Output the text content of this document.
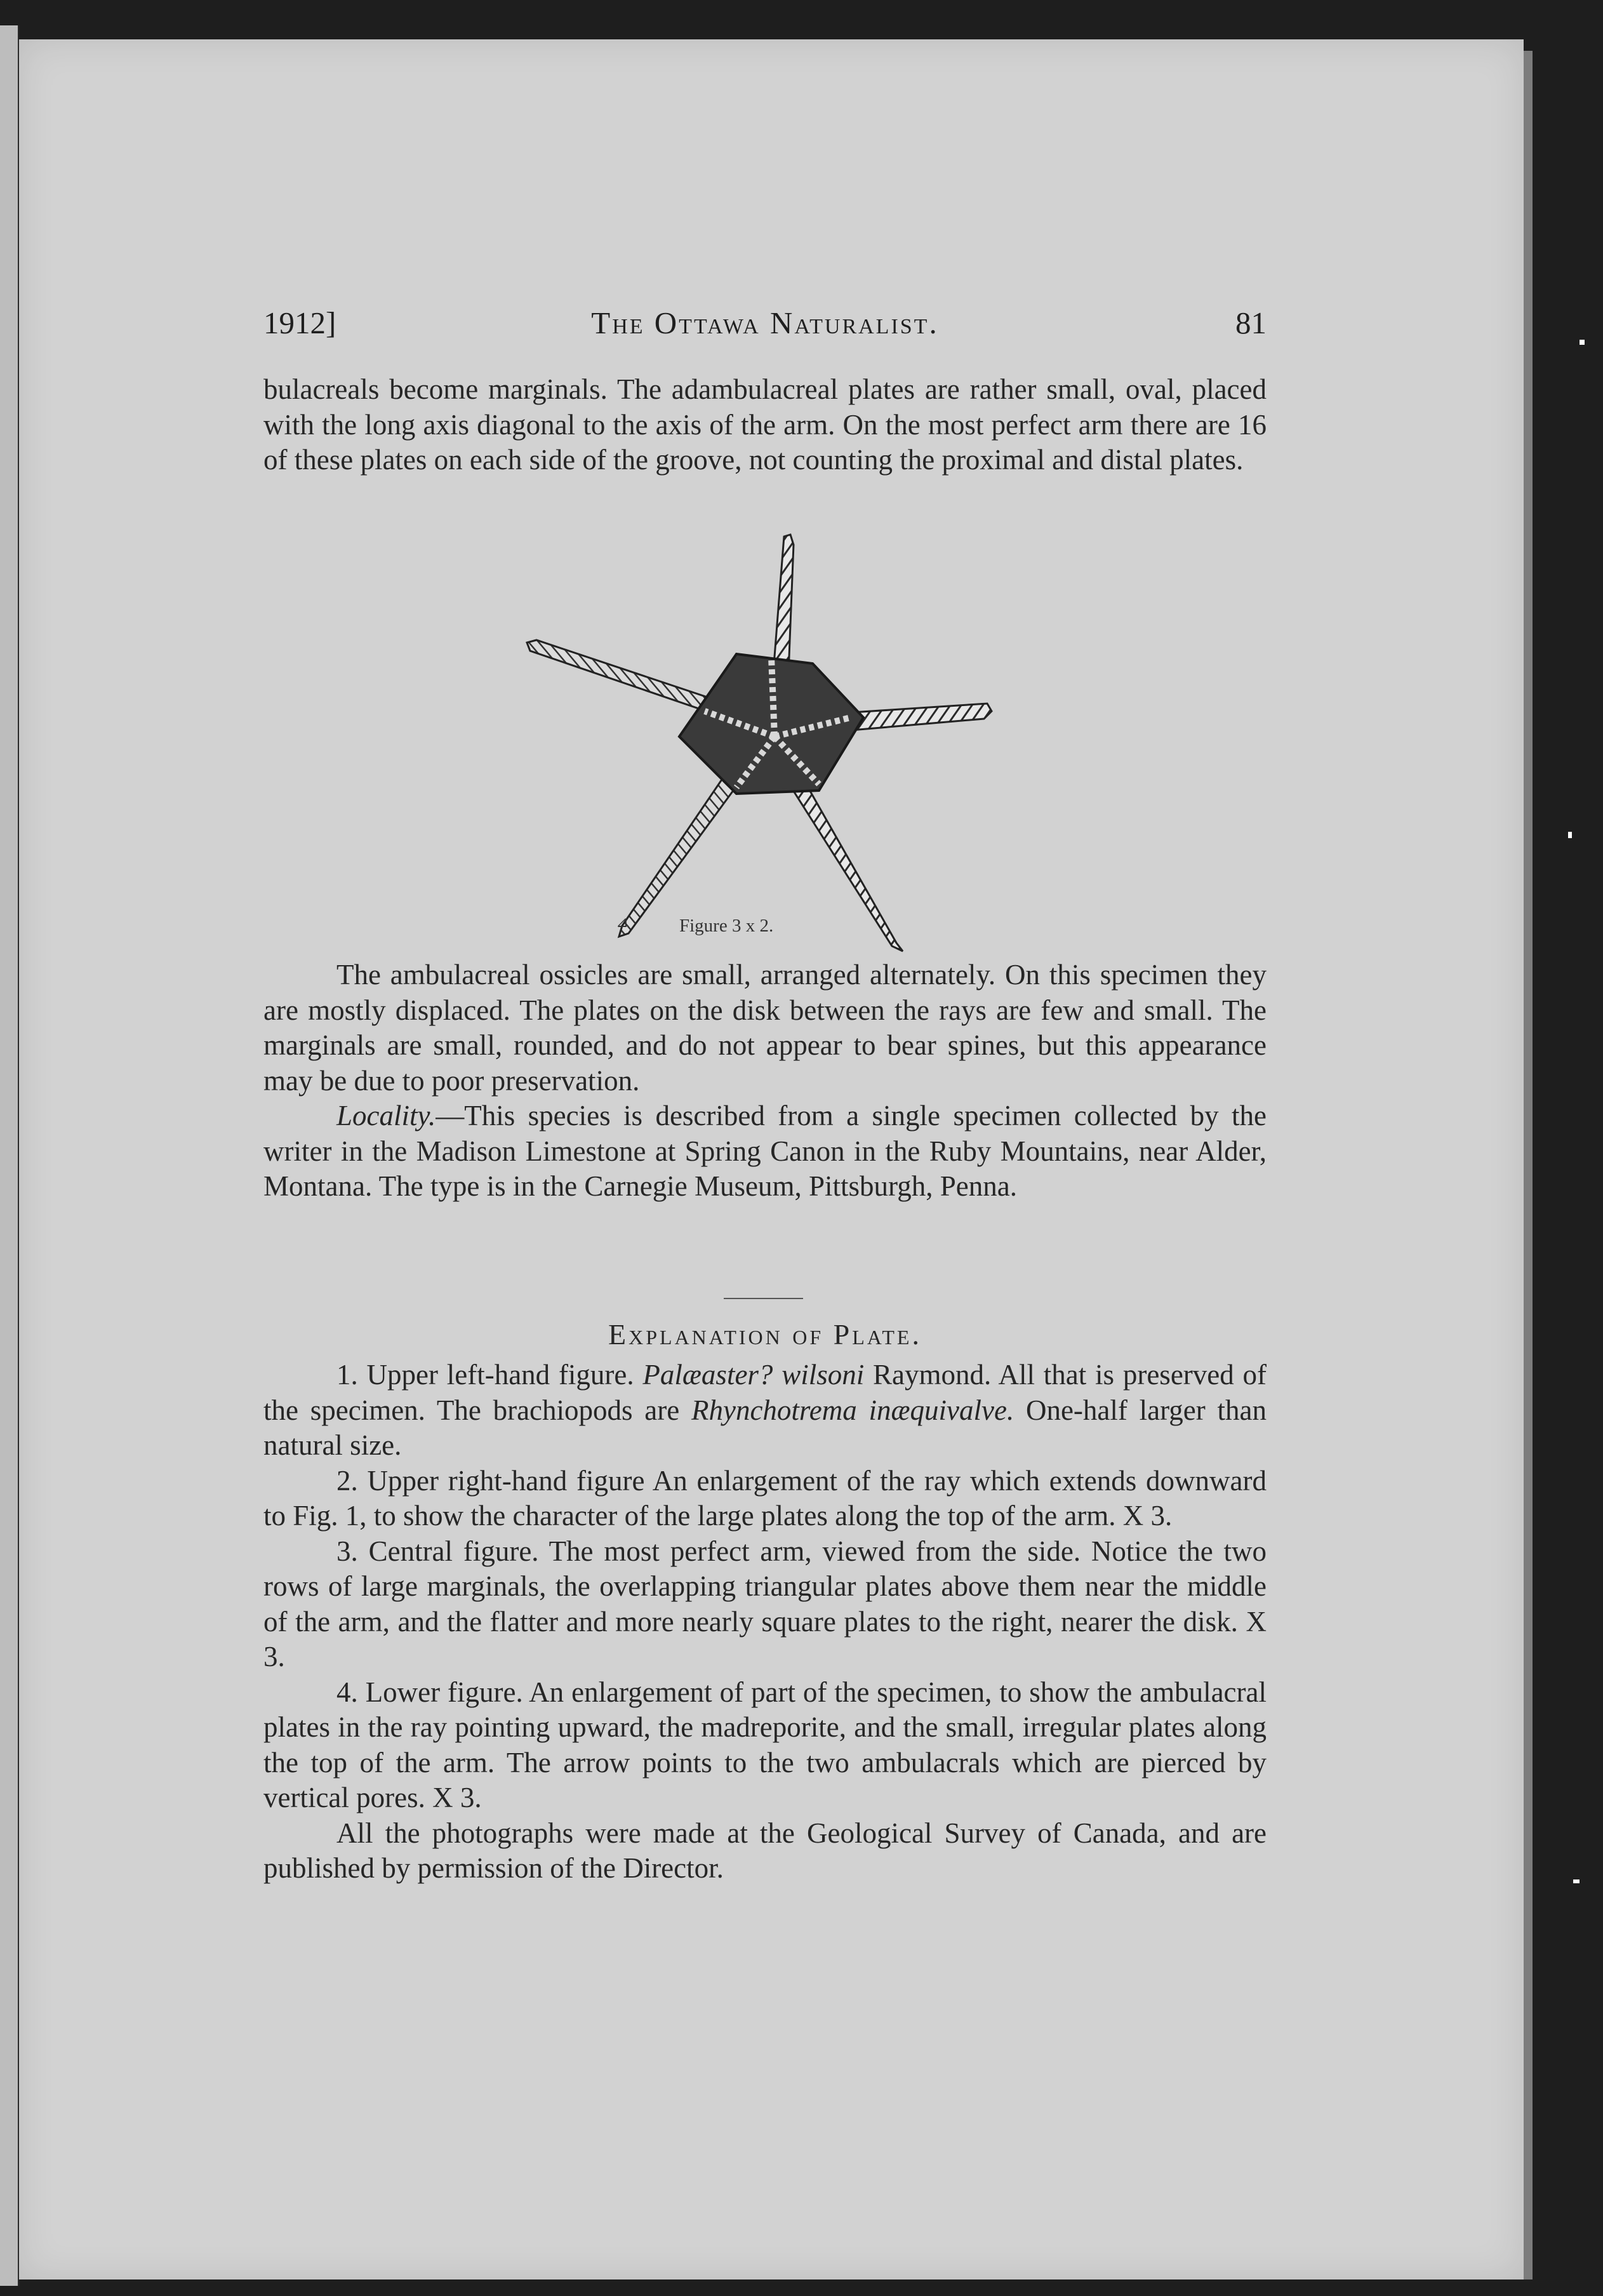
1912]	The Ottawa Naturalist.	81

bulacreals become marginals. The adambulacreal plates are rather small, oval, placed with the long axis diagonal to the axis of the arm. On the most perfect arm there are 16 of these plates on each side of the groove, not counting the proximal and distal plates.

⊿	Figure 3 x 2.

The ambulacreal ossicles are small, arranged alternately. On this specimen they are mostly displaced. The plates on the disk between the rays are few and small. The marginals are small, rounded, and do not appear to bear spines, but this appearance may be due to poor preservation.

Locality.—This species is described from a single specimen collected by the writer in the Madison Limestone at Spring Canon in the Ruby Mountains, near Alder, Montana. The type is in the Carnegie Museum, Pittsburgh, Penna.

Explanation of Plate.

1. Upper left-hand figure. Palæaster? wilsoni Raymond. All that is preserved of the specimen. The brachiopods are Rhynchotrema inæquivalve. One-half larger than natural size.

2. Upper right-hand figure An enlargement of the ray which extends downward to Fig. 1, to show the character of the large plates along the top of the arm. X 3.

3. Central figure. The most perfect arm, viewed from the side. Notice the two rows of large marginals, the overlapping triangular plates above them near the middle of the arm, and the flatter and more nearly square plates to the right, nearer the disk. X 3.

4. Lower figure. An enlargement of part of the specimen, to show the ambulacral plates in the ray pointing upward, the madreporite, and the small, irregular plates along the top of the arm. The arrow points to the two ambulacrals which are pierced by vertical pores. X 3.

All the photographs were made at the Geological Survey of Canada, and are published by permission of the Director.
